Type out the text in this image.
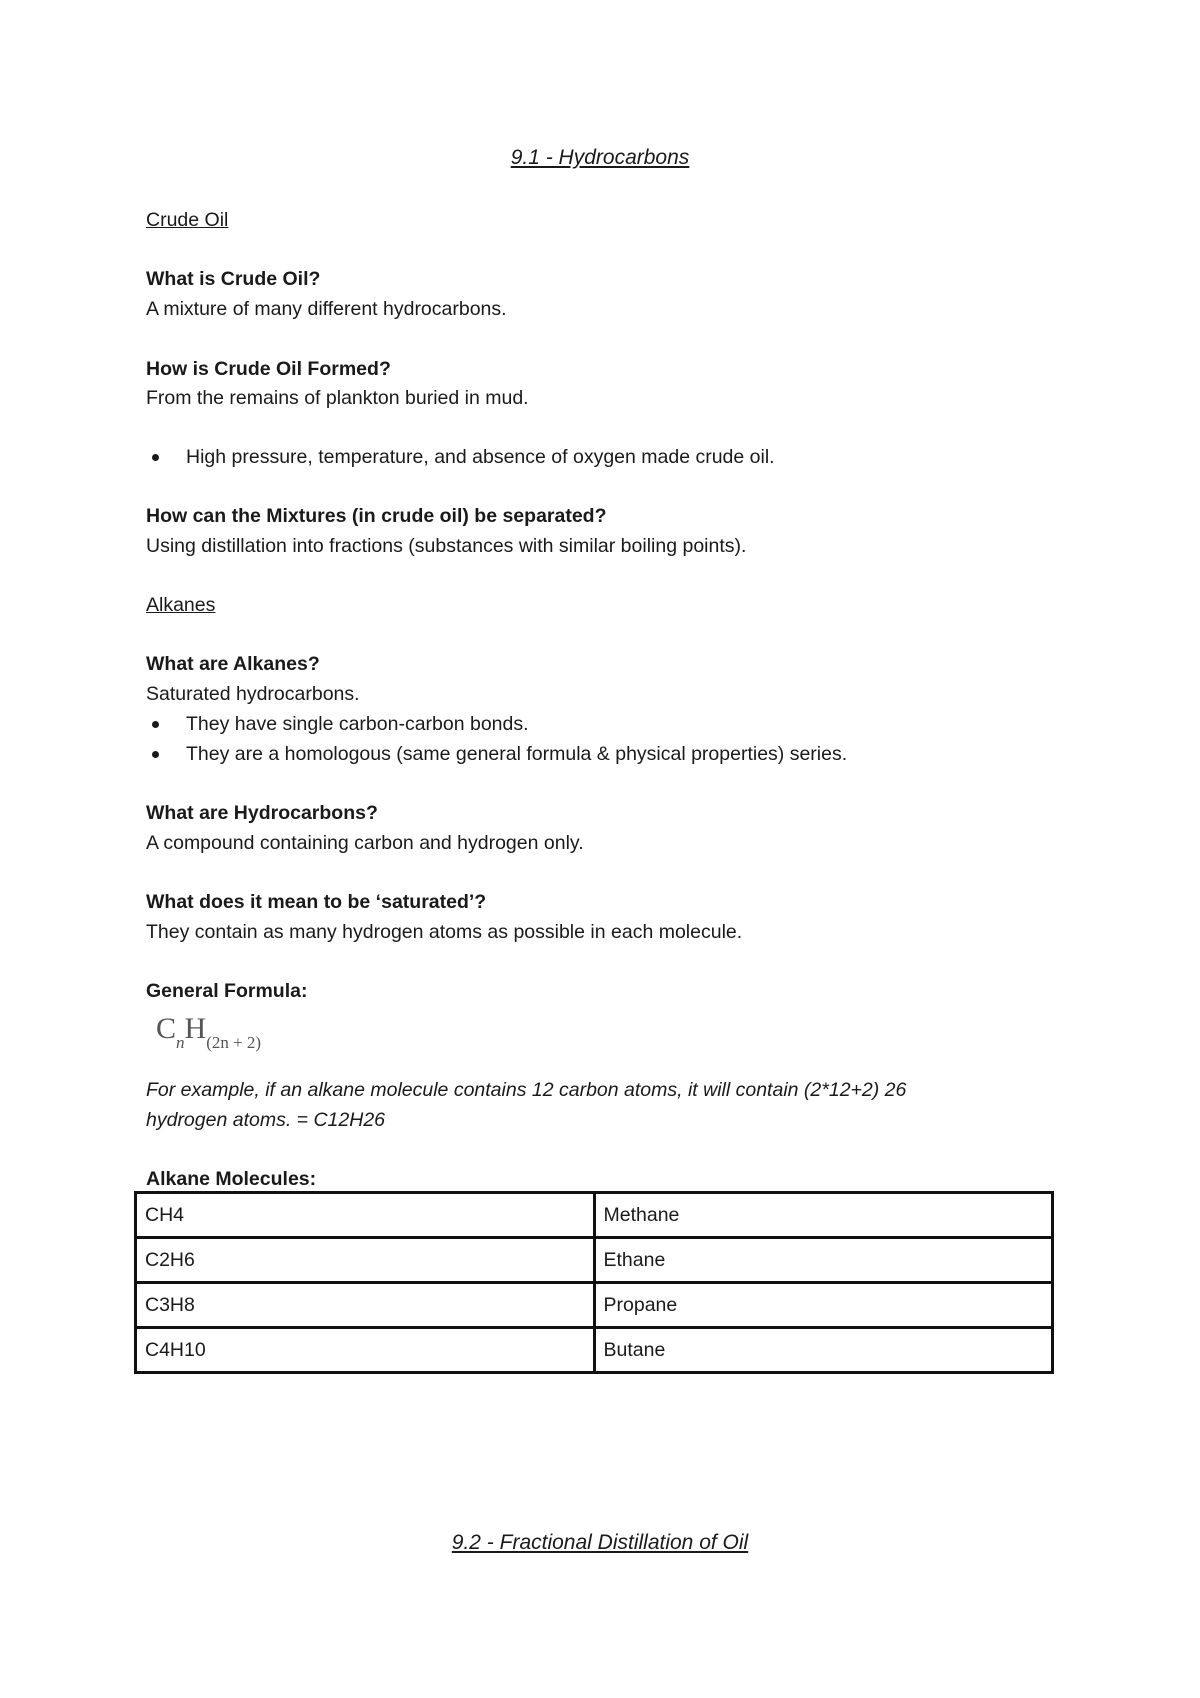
9.1 - Hydrocarbons
Crude Oil
What is Crude Oil?
A mixture of many different hydrocarbons.
How is Crude Oil Formed?
From the remains of plankton buried in mud.
High pressure, temperature, and absence of oxygen made crude oil.
How can the Mixtures (in crude oil) be separated?
Using distillation into fractions (substances with similar boiling points).
Alkanes
What are Alkanes?
Saturated hydrocarbons.
They have single carbon-carbon bonds.
They are a homologous (same general formula & physical properties) series.
What are Hydrocarbons?
A compound containing carbon and hydrogen only.
What does it mean to be ‘saturated’?
They contain as many hydrogen atoms as possible in each molecule.
General Formula:
$C_nH(2n + 2)$
For example, if an alkane molecule contains 12 carbon atoms, it will contain (2*12+2) 26
hydrogen atoms. = C12H26
Alkane Molecules:
CH4	Methane
C2H6	Ethane
C3H8	Propane
C4H10	Butane
9.2 - Fractional Distillation of Oil
